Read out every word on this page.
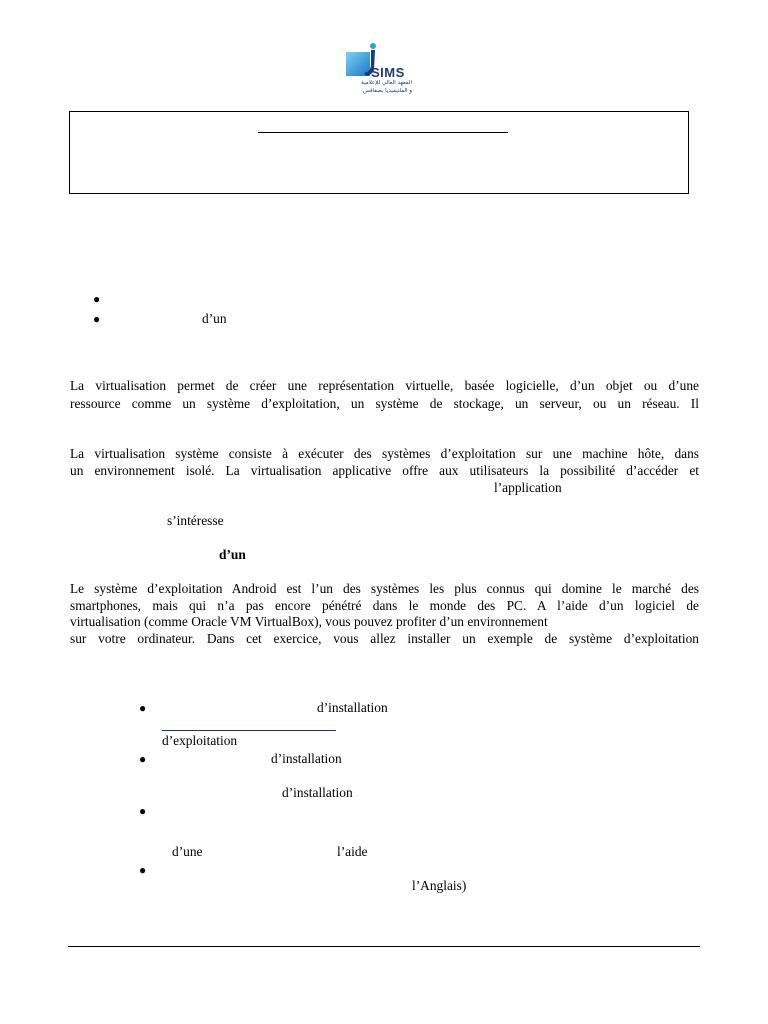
SIMS
المعهد العالي للإعلامية
و الملتيميديا بصفاقس
●
●	d’un
La virtualisation permet de créer une représentation virtuelle, basée logicielle, d’un objet ou d’une
ressource comme un système d’exploitation, un système de stockage, un serveur, ou un réseau. Il
La virtualisation système consiste à exécuter des systèmes d’exploitation sur une machine hôte, dans
un environnement isolé. La virtualisation applicative offre aux utilisateurs la possibilité d’accéder et
l’application
s’intéresse
d’un
Le système d’exploitation Android est l’un des systèmes les plus connus qui domine le marché des
smartphones, mais qui n’a pas encore pénétré dans le monde des PC. A l’aide d’un logiciel de
virtualisation (comme Oracle VM VirtualBox), vous pouvez profiter d’un environnement
sur votre ordinateur. Dans cet exercice, vous allez installer un exemple de système d’exploitation
●	d’installation
d’exploitation
●	d’installation
d’installation
●
d’une	l’aide
●
l’Anglais)
